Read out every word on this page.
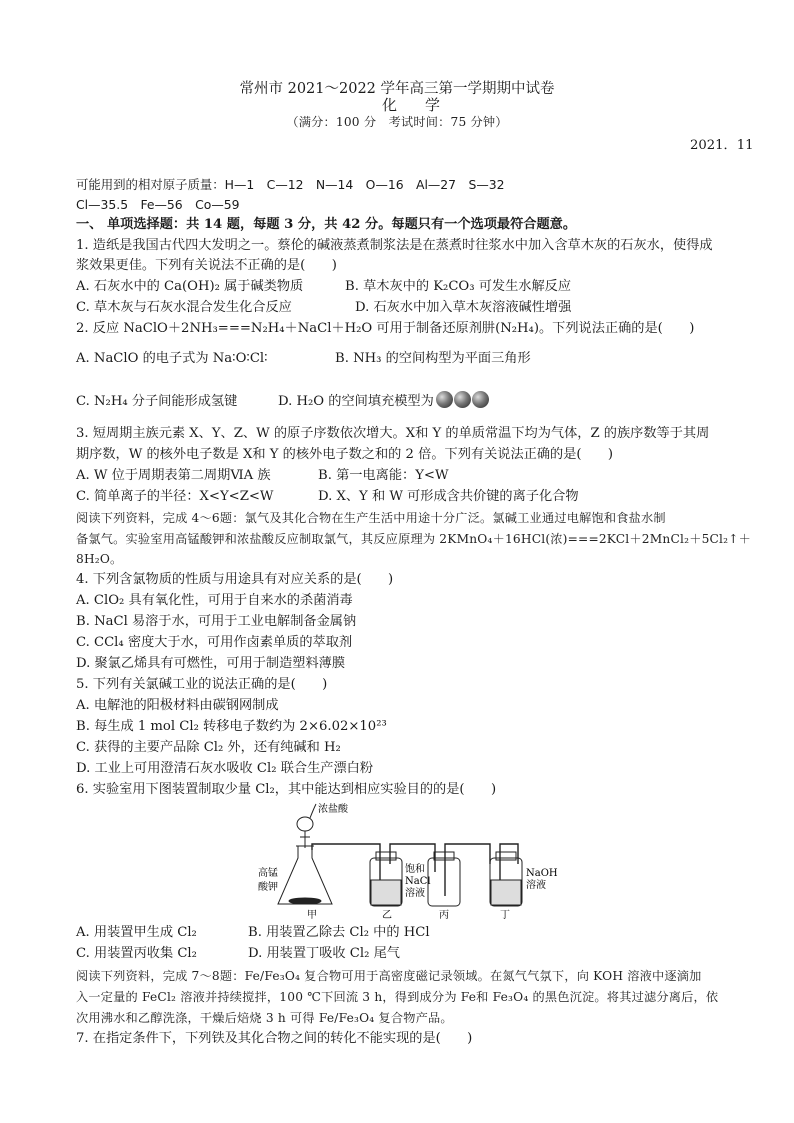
常州市 2021～2022 学年高三第一学期期中试卷
化学
（满分：100 分　考试时间：75 分钟）
2021．11
可能用到的相对原子质量：H—1　C—12　N—14　O—16　Al—27　S—32
Cl—35.5　Fe—56　Co—59
一、 单项选择题：共 14 题，每题 3 分，共 42 分。每题只有一个选项最符合题意。
1. 造纸是我国古代四大发明之一。蔡伦的碱液蒸煮制浆法是在蒸煮时往浆水中加入含草木灰的石灰水，使得成
浆效果更佳。下列有关说法不正确的是(　　)
A. 石灰水中的 Ca(OH)₂ 属于碱类物质	B. 草木灰中的 K₂CO₃ 可发生水解反应
C. 草木灰与石灰水混合发生化合反应	D. 石灰水中加入草木灰溶液碱性增强
2. 反应 NaClO＋2NH₃===N₂H₄＋NaCl＋H₂O 可用于制备还原剂肼(N₂H₄)。下列说法正确的是(　　)
A. NaClO 的电子式为 Na∶O∶Cl∶	B. NH₃ 的空间构型为平面三角形
C. N₂H₄ 分子间能形成氢键	D. H₂O 的空间填充模型为
3. 短周期主族元素 X、Y、Z、W 的原子序数依次增大。X和 Y 的单质常温下均为气体，Z 的族序数等于其周
期序数，W 的核外电子数是 X和 Y 的核外电子数之和的 2 倍。下列有关说法正确的是(　　)
A. W 位于周期表第二周期ⅥA 族	B. 第一电离能：Y<W
C. 简单离子的半径：X<Y<Z<W	D. X、Y 和 W 可形成含共价键的离子化合物
阅读下列资料，完成 4～6题：氯气及其化合物在生产生活中用途十分广泛。氯碱工业通过电解饱和食盐水制
备氯气。实验室用高锰酸钾和浓盐酸反应制取氯气，其反应原理为 2KMnO₄＋16HCl(浓)===2KCl＋2MnCl₂＋5Cl₂↑＋
8H₂O。
4. 下列含氯物质的性质与用途具有对应关系的是(　　)
A. ClO₂ 具有氧化性，可用于自来水的杀菌消毒
B. NaCl 易溶于水，可用于工业电解制备金属钠
C. CCl₄ 密度大于水，可用作卤素单质的萃取剂
D. 聚氯乙烯具有可燃性，可用于制造塑料薄膜
5. 下列有关氯碱工业的说法正确的是(　　)
A. 电解池的阳极材料由碳钢网制成
B. 每生成 1 mol Cl₂ 转移电子数约为 2×6.02×10²³
C. 获得的主要产品除 Cl₂ 外，还有纯碱和 H₂
D. 工业上可用澄清石灰水吸收 Cl₂ 联合生产漂白粉
6. 实验室用下图装置制取少量 Cl₂，其中能达到相应实验目的的是(　　)
浓盐酸
高锰
酸钾
饱和
NaCl
溶液
NaOH
溶液
甲	乙	丙	丁
A. 用装置甲生成 Cl₂	B. 用装置乙除去 Cl₂ 中的 HCl
C. 用装置丙收集 Cl₂	D. 用装置丁吸收 Cl₂ 尾气
阅读下列资料，完成 7～8题：Fe/Fe₃O₄ 复合物可用于高密度磁记录领域。在氮气气氛下，向 KOH 溶液中逐滴加
入一定量的 FeCl₂ 溶液并持续搅拌，100 ℃下回流 3 h，得到成分为 Fe和 Fe₃O₄ 的黑色沉淀。将其过滤分离后，依
次用沸水和乙醇洗涤，干燥后焙烧 3 h 可得 Fe/Fe₃O₄ 复合物产品。
7. 在指定条件下，下列铁及其化合物之间的转化不能实现的是(　　)
